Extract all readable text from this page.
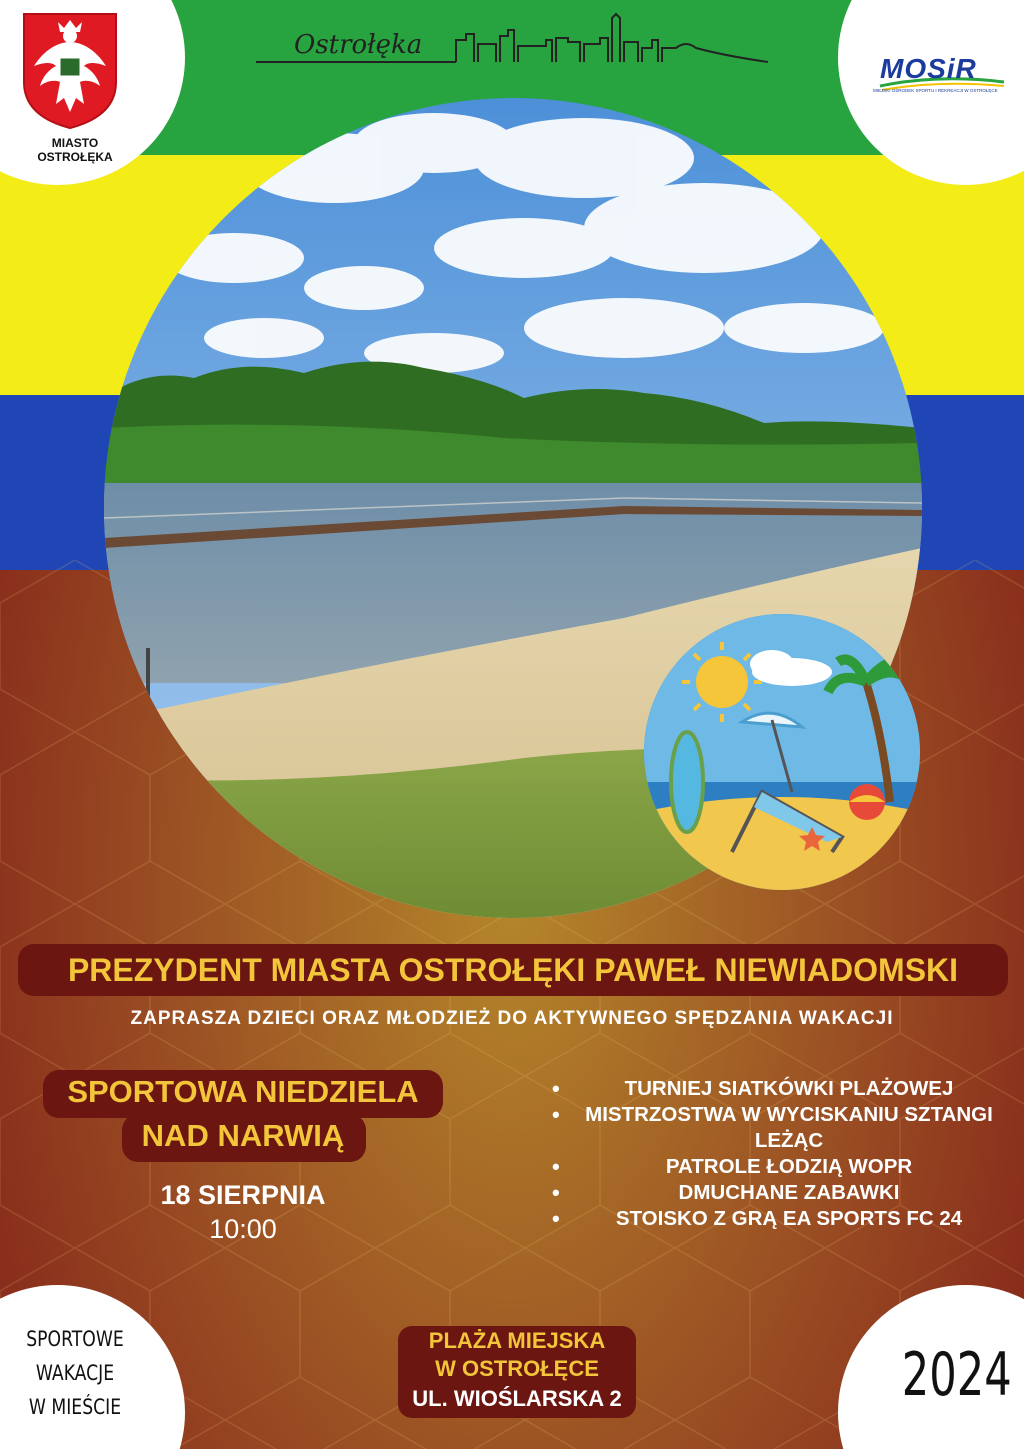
MIASTO
OSTROŁĘKA
Ostrołęka
MOSiR
MIEJSKI OŚRODEK SPORTU I REKREACJI W OSTROŁĘCE
PREZYDENT MIASTA OSTROŁĘKI PAWEŁ NIEWIADOMSKI
ZAPRASZA DZIECI ORAZ MŁODZIEŻ DO AKTYWNEGO SPĘDZANIA WAKACJI
SPORTOWA NIEDZIELA
NAD NARWIĄ
18 SIERPNIA
10:00
• TURNIEJ SIATKÓWKI PLAŻOWEJ
• MISTRZOSTWA W WYCISKANIU SZTANGI LEŻĄC
• PATROLE ŁODZIĄ WOPR
• DMUCHANE ZABAWKI
• STOISKO Z GRĄ EA SPORTS FC 24
PLAŻA MIEJSKA
W OSTROŁĘCE
UL. WIOŚLARSKA 2
SPORTOWE
WAKACJE
W MIEŚCIE	2024
